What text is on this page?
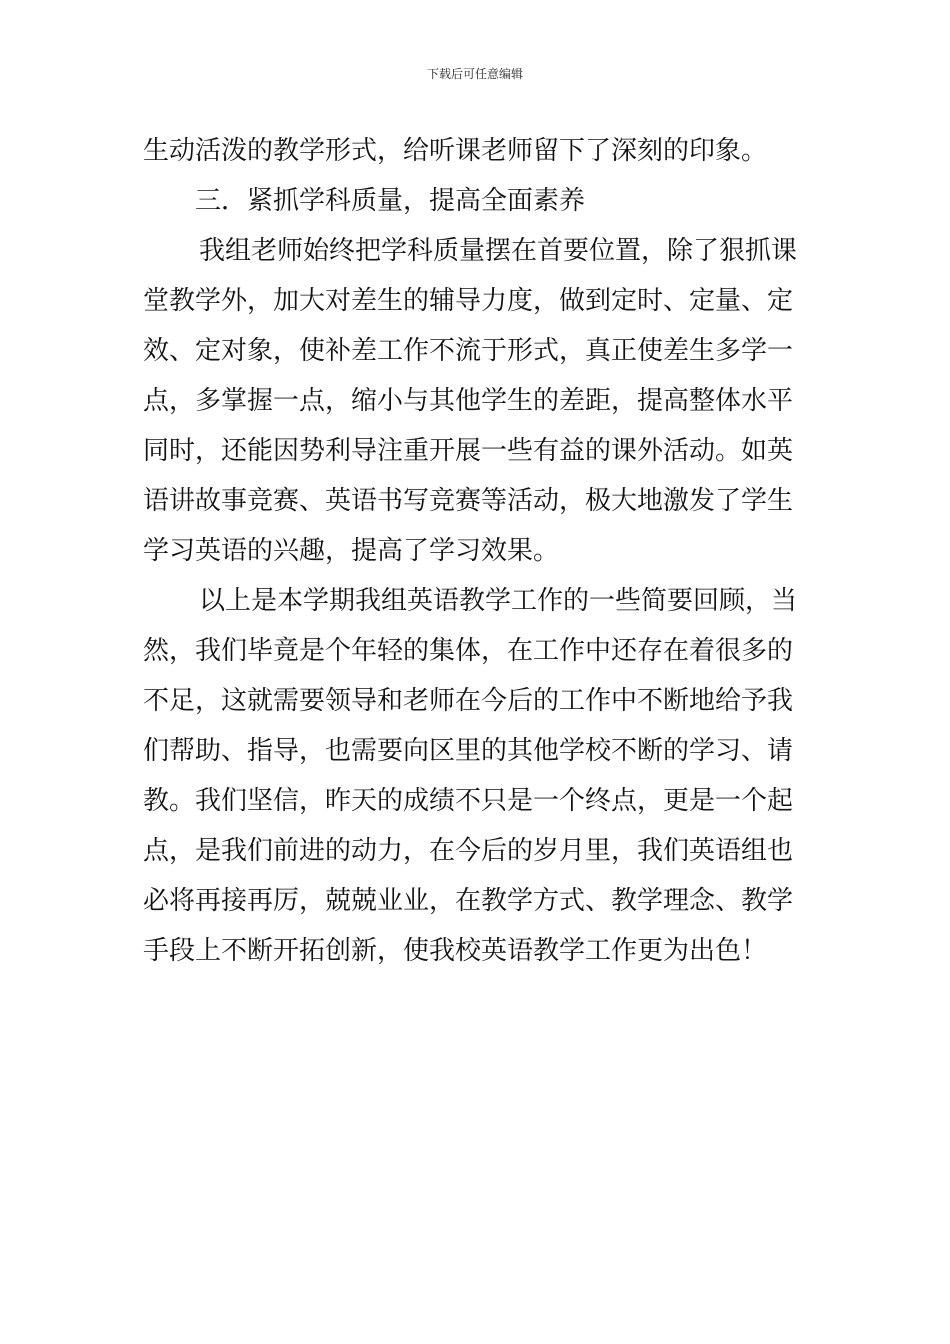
下载后可任意编辑
生动活泼的教学形式，给听课老师留下了深刻的印象。
三．紧抓学科质量，提高全面素养
我组老师始终把学科质量摆在首要位置，除了狠抓课
堂教学外，加大对差生的辅导力度，做到定时、定量、定
效、定对象，使补差工作不流于形式，真正使差生多学一
点，多掌握一点，缩小与其他学生的差距，提高整体水平
同时，还能因势利导注重开展一些有益的课外活动。如英
语讲故事竞赛、英语书写竞赛等活动，极大地激发了学生
学习英语的兴趣，提高了学习效果。
以上是本学期我组英语教学工作的一些简要回顾，当
然，我们毕竟是个年轻的集体，在工作中还存在着很多的
不足，这就需要领导和老师在今后的工作中不断地给予我
们帮助、指导，也需要向区里的其他学校不断的学习、请
教。我们坚信，昨天的成绩不只是一个终点，更是一个起
点，是我们前进的动力，在今后的岁月里，我们英语组也
必将再接再厉，兢兢业业，在教学方式、教学理念、教学
手段上不断开拓创新，使我校英语教学工作更为出色！
